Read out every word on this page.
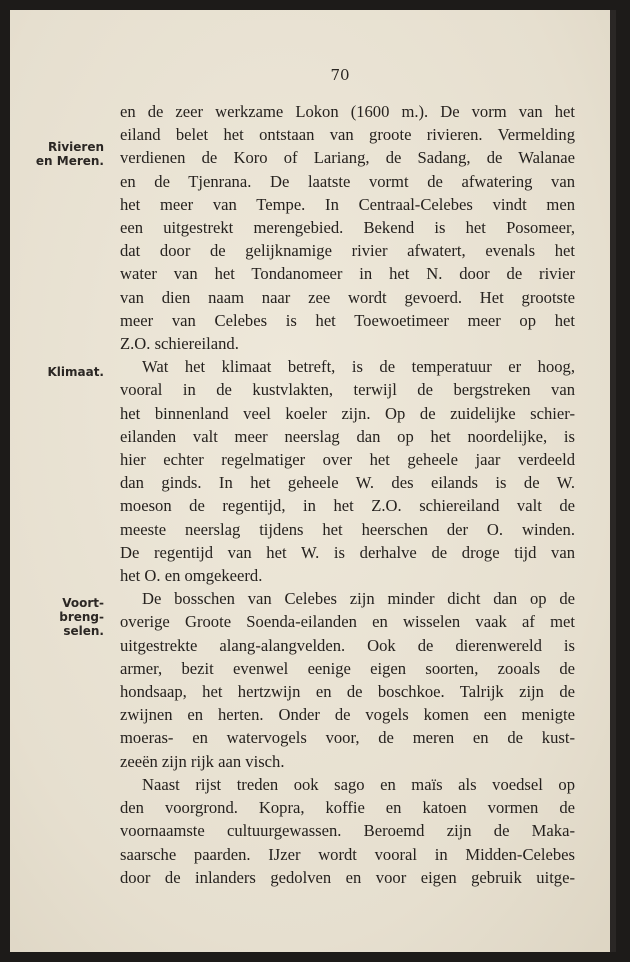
70
Rivieren
en Meren.
Klimaat.
Voort-
breng-
selen.
en de zeer werkzame Lokon (1600 m.). De vorm van het
eiland belet het ontstaan van groote rivieren. Vermelding
verdienen de Koro of Lariang, de Sadang, de Walanae
en de Tjenrana. De laatste vormt de afwatering van
het meer van Tempe. In Centraal-Celebes vindt men
een uitgestrekt merengebied. Bekend is het Posomeer,
dat door de gelijknamige rivier afwatert, evenals het
water van het Tondanomeer in het N. door de rivier
van dien naam naar zee wordt gevoerd. Het grootste
meer van Celebes is het Toewoetimeer meer op het
Z.O. schiereiland.
Wat het klimaat betreft, is de temperatuur er hoog,
vooral in de kustvlakten, terwijl de bergstreken van
het binnenland veel koeler zijn. Op de zuidelijke schier-
eilanden valt meer neerslag dan op het noordelijke, is
hier echter regelmatiger over het geheele jaar verdeeld
dan ginds. In het geheele W. des eilands is de W.
moeson de regentijd, in het Z.O. schiereiland valt de
meeste neerslag tijdens het heerschen der O. winden.
De regentijd van het W. is derhalve de droge tijd van
het O. en omgekeerd.
De bosschen van Celebes zijn minder dicht dan op de
overige Groote Soenda-eilanden en wisselen vaak af met
uitgestrekte alang-alangvelden. Ook de dierenwereld is
armer, bezit evenwel eenige eigen soorten, zooals de
hondsaap, het hertzwijn en de boschkoe. Talrijk zijn de
zwijnen en herten. Onder de vogels komen een menigte
moeras- en watervogels voor, de meren en de kust-
zeeën zijn rijk aan visch.
Naast rijst treden ook sago en maïs als voedsel op
den voorgrond. Kopra, koffie en katoen vormen de
voornaamste cultuurgewassen. Beroemd zijn de Maka-
saarsche paarden. IJzer wordt vooral in Midden-Celebes
door de inlanders gedolven en voor eigen gebruik uitge-
